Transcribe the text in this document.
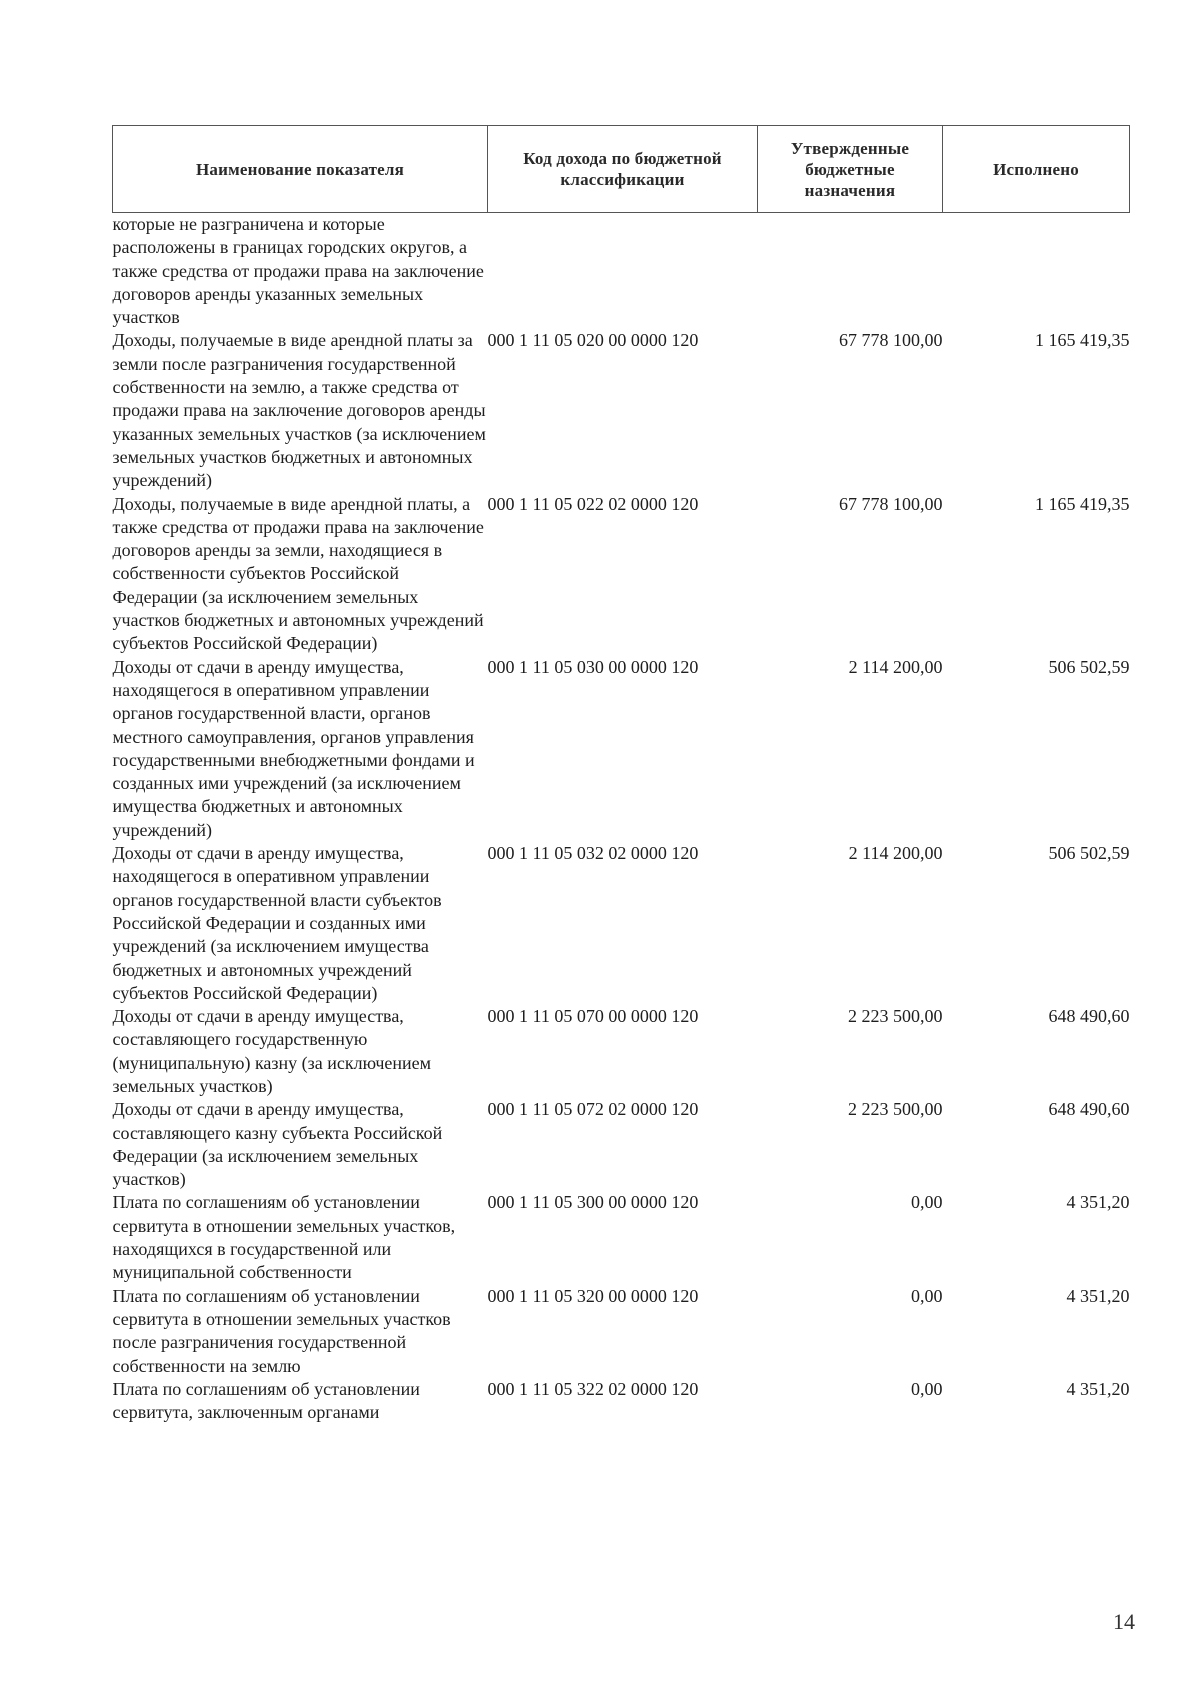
Наименование показателя	Код дохода по бюджетной классификации	Утвержденные бюджетные назначения	Исполнено
которые не разграничена и которые расположены в границах городских округов, а также средства от продажи права на заключение договоров аренды указанных земельных участков			
Доходы, получаемые в виде арендной платы за земли после разграничения государственной собственности на землю, а также средства от продажи права на заключение договоров аренды указанных земельных участков (за исключением земельных участков бюджетных и автономных учреждений)	000 1 11 05 020 00 0000 120	67 778 100,00	1 165 419,35
Доходы, получаемые в виде арендной платы, а также средства от продажи права на заключение договоров аренды за земли, находящиеся в собственности субъектов Российской Федерации (за исключением земельных участков бюджетных и автономных учреждений субъектов Российской Федерации)	000 1 11 05 022 02 0000 120	67 778 100,00	1 165 419,35
Доходы от сдачи в аренду имущества, находящегося в оперативном управлении органов государственной власти, органов местного самоуправления, органов управления государственными внебюджетными фондами и созданных ими учреждений (за исключением имущества бюджетных и автономных учреждений)	000 1 11 05 030 00 0000 120	2 114 200,00	506 502,59
Доходы от сдачи в аренду имущества, находящегося в оперативном управлении органов государственной власти субъектов Российской Федерации и созданных ими учреждений (за исключением имущества бюджетных и автономных учреждений субъектов Российской Федерации)	000 1 11 05 032 02 0000 120	2 114 200,00	506 502,59
Доходы от сдачи в аренду имущества, составляющего государственную (муниципальную) казну (за исключением земельных участков)	000 1 11 05 070 00 0000 120	2 223 500,00	648 490,60
Доходы от сдачи в аренду имущества, составляющего казну субъекта Российской Федерации (за исключением земельных участков)	000 1 11 05 072 02 0000 120	2 223 500,00	648 490,60
Плата по соглашениям об установлении сервитута в отношении земельных участков, находящихся в государственной или муниципальной собственности	000 1 11 05 300 00 0000 120	0,00	4 351,20
Плата по соглашениям об установлении сервитута в отношении земельных участков после разграничения государственной собственности на землю	000 1 11 05 320 00 0000 120	0,00	4 351,20
Плата по соглашениям об установлении сервитута, заключенным органами	000 1 11 05 322 02 0000 120	0,00	4 351,20
14
